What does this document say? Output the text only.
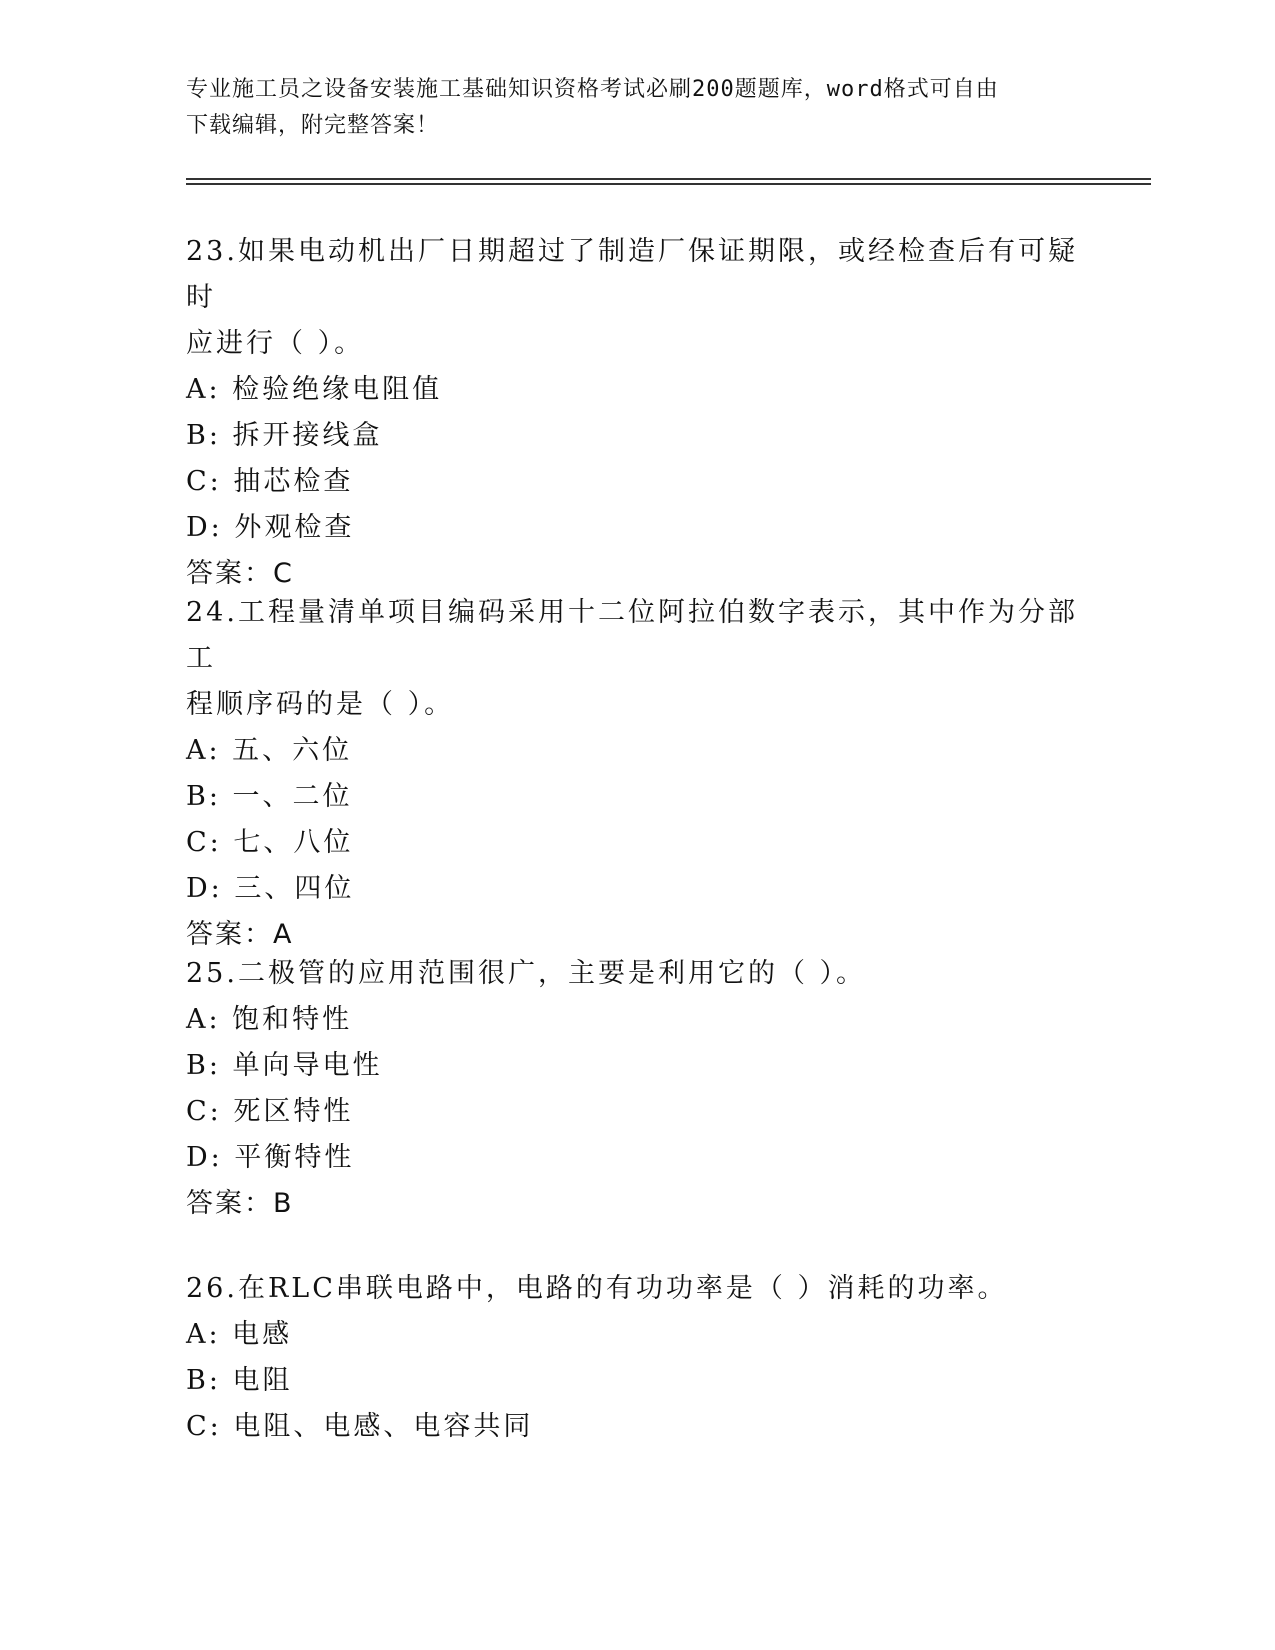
专业施工员之设备安装施工基础知识资格考试必刷200题题库，word格式可自由
下载编辑，附完整答案！

23.如果电动机出厂日期超过了制造厂保证期限，或经检查后有可疑时

应进行（ ）。

A: 检验绝缘电阻值

B: 拆开接线盒

C: 抽芯检查

D: 外观检查

答案：C

24.工程量清单项目编码采用十二位阿拉伯数字表示，其中作为分部工

程顺序码的是（ ）。

A: 五、六位

B: 一、二位

C: 七、八位

D: 三、四位

答案：A

25.二极管的应用范围很广，主要是利用它的（ ）。

A: 饱和特性

B: 单向导电性

C: 死区特性

D: 平衡特性

答案：B

26.在RLC串联电路中，电路的有功功率是（ ）消耗的功率。

A: 电感

B: 电阻

C: 电阻、电感、电容共同
